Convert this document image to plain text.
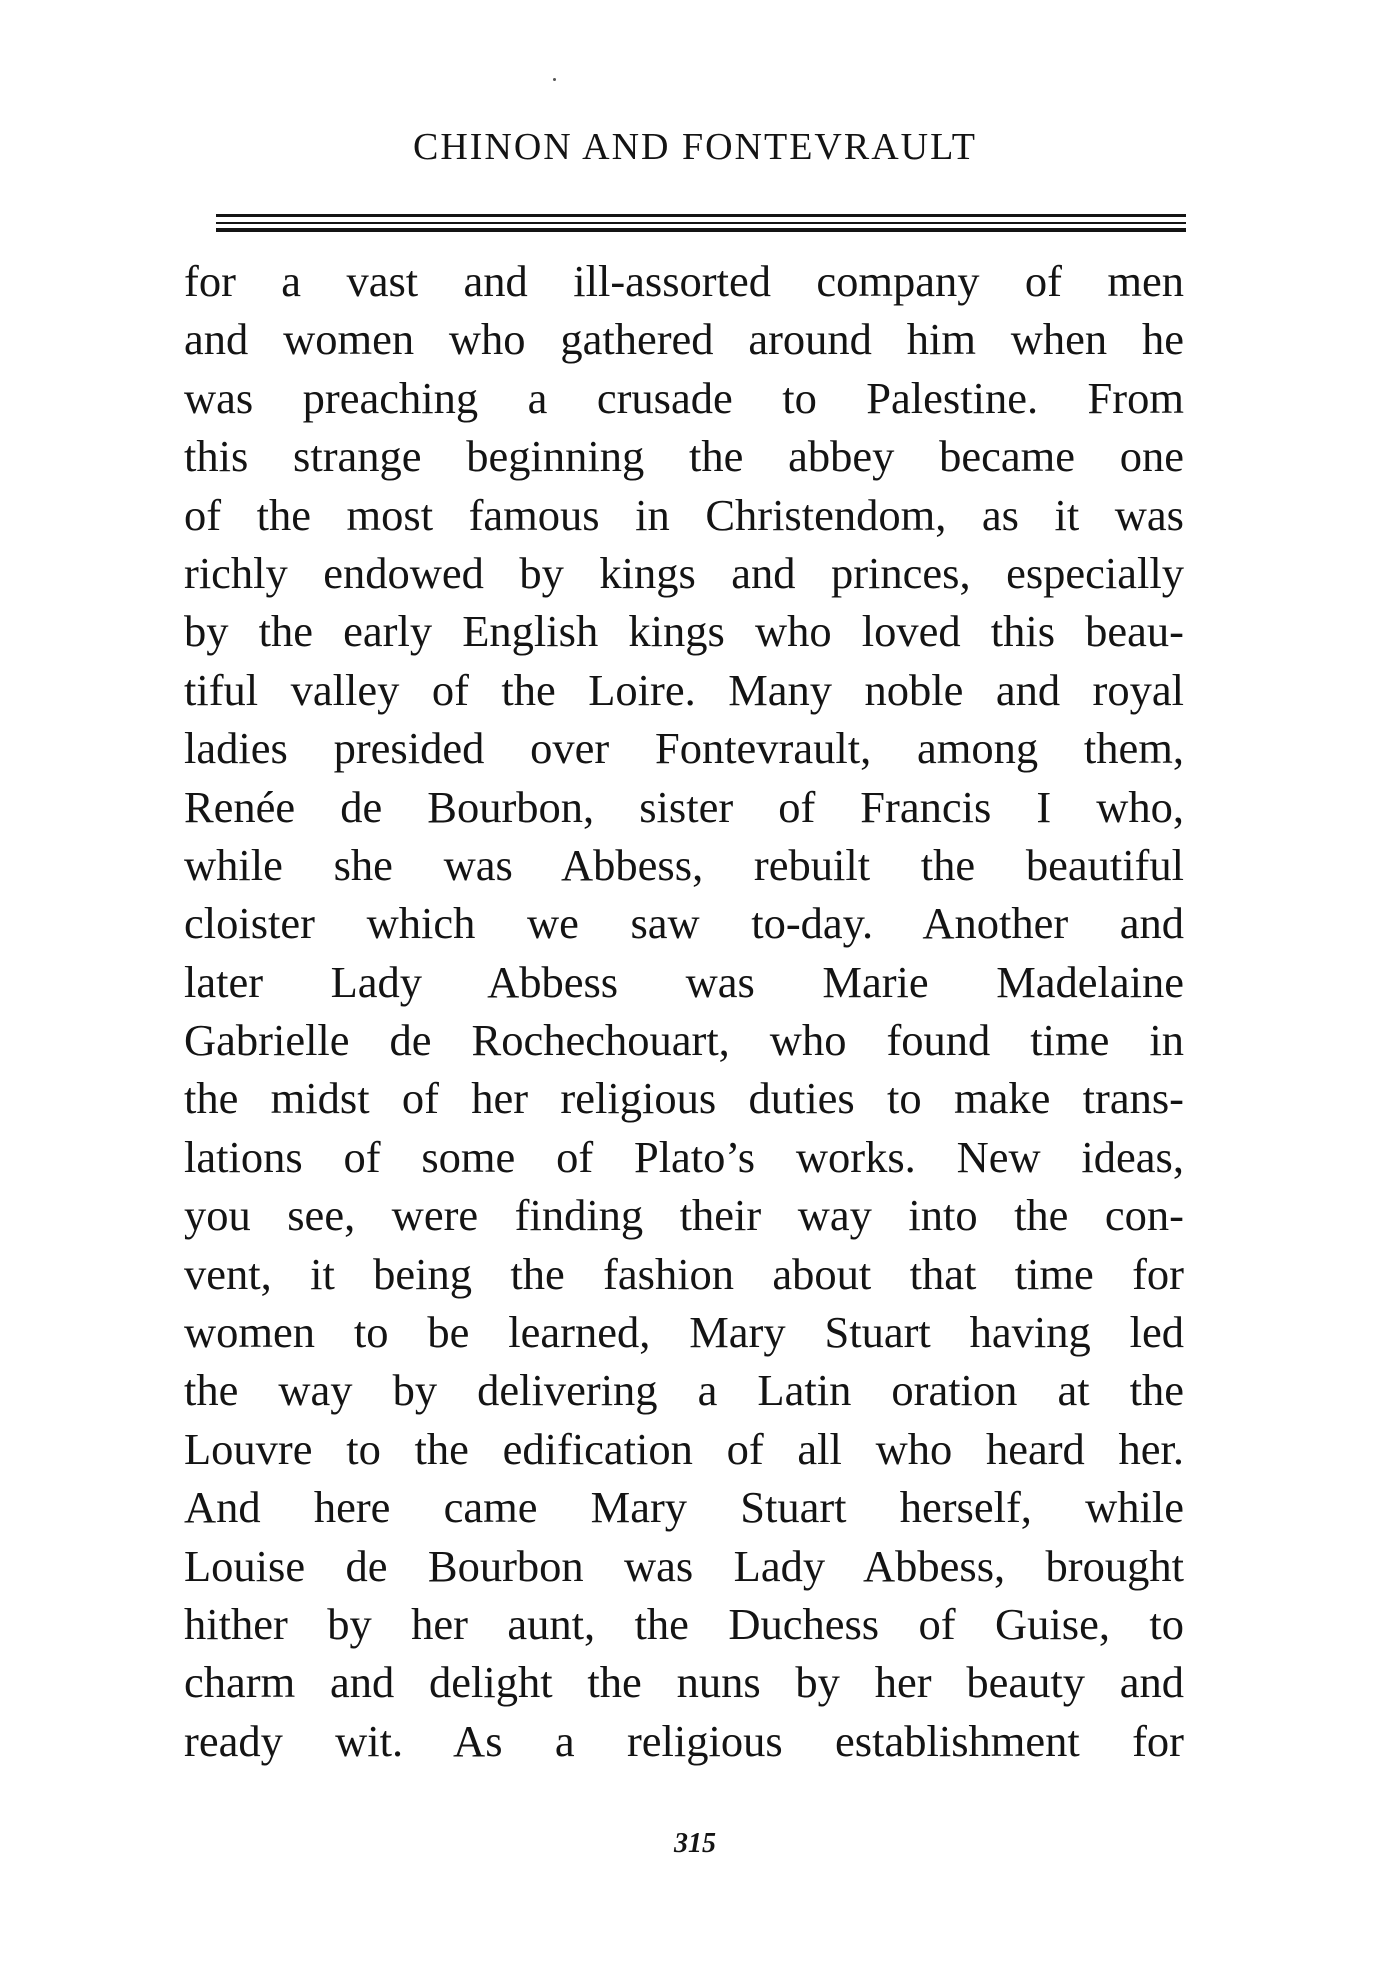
CHINON AND FONTEVRAULT
for a vast and ill-assorted company of men
and women who gathered around him when he
was preaching a crusade to Palestine. From
this strange beginning the abbey became one
of the most famous in Christendom, as it was
richly endowed by kings and princes, especially
by the early English kings who loved this beau-
tiful valley of the Loire. Many noble and royal
ladies presided over Fontevrault, among them,
Renée de Bourbon, sister of Francis I who,
while she was Abbess, rebuilt the beautiful
cloister which we saw to-day. Another and
later Lady Abbess was Marie Madelaine
Gabrielle de Rochechouart, who found time in
the midst of her religious duties to make trans-
lations of some of Plato’s works. New ideas,
you see, were finding their way into the con-
vent, it being the fashion about that time for
women to be learned, Mary Stuart having led
the way by delivering a Latin oration at the
Louvre to the edification of all who heard her.
And here came Mary Stuart herself, while
Louise de Bourbon was Lady Abbess, brought
hither by her aunt, the Duchess of Guise, to
charm and delight the nuns by her beauty and
ready wit. As a religious establishment for
315
